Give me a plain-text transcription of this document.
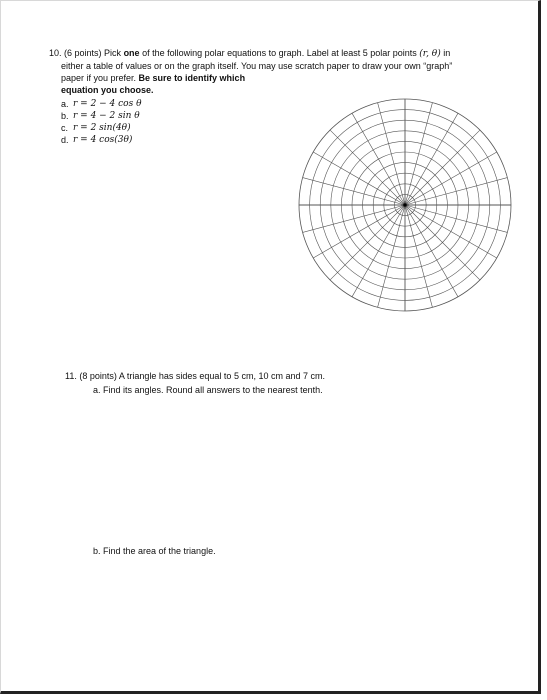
10. (6 points) Pick one of the following polar equations to graph. Label at least 5 polar points (r, θ) in
either a table of values or on the graph itself. You may use scratch paper to draw your own “graph”
paper if you prefer. Be sure to identify which
equation you choose.

a. r = 2 − 4 cos θ
b. r = 4 − 2 sin θ
c. r = 2 sin(4θ)
d. r = 4 cos(3θ)

11. (8 points) A triangle has sides equal to 5 cm, 10 cm and 7 cm.

a. Find its angles. Round all answers to the nearest tenth.

b. Find the area of the triangle.
